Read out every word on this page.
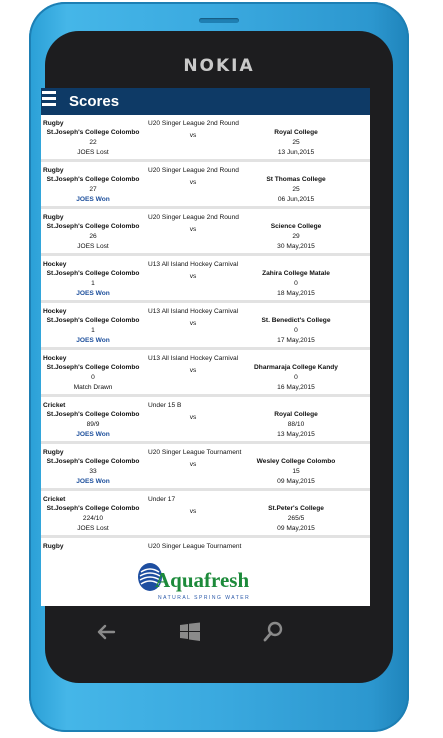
NOKIA
Scores
Rugby
St.Joseph's College Colombo
22
JOES Lost
U20 Singer League 2nd Round
vs	Royal College
25
13 Jun,2015
Rugby
St.Joseph's College Colombo
27
JOES Won
U20 Singer League 2nd Round
vs	St Thomas College
25
06 Jun,2015
Rugby
St.Joseph's College Colombo
26
JOES Lost
U20 Singer League 2nd Round
vs	Science College
29
30 May,2015
Hockey
St.Joseph's College Colombo
1
JOES Won
U13 All Island Hockey Carnival
vs	Zahira College Matale
0
18 May,2015
Hockey
St.Joseph's College Colombo
1
JOES Won
U13 All Island Hockey Carnival
vs	St. Benedict's College
0
17 May,2015
Hockey
St.Joseph's College Colombo
0
Match Drawn
U13 All Island Hockey Carnival
vs	Dharmaraja College Kandy
0
16 May,2015
Cricket
St.Joseph's College Colombo
89/9
JOES Won
Under 15 B
vs	Royal College
88/10
13 May,2015
Rugby
St.Joseph's College Colombo
33
JOES Won
U20 Singer League Tournament
vs	Wesley College Colombo
15
09 May,2015
Cricket
St.Joseph's College Colombo
224/10
JOES Lost
Under 17
vs	St.Peter's College
265/5
09 May,2015
Rugby	U20 Singer League Tournament
Aquafresh
NATURAL SPRING WATER
